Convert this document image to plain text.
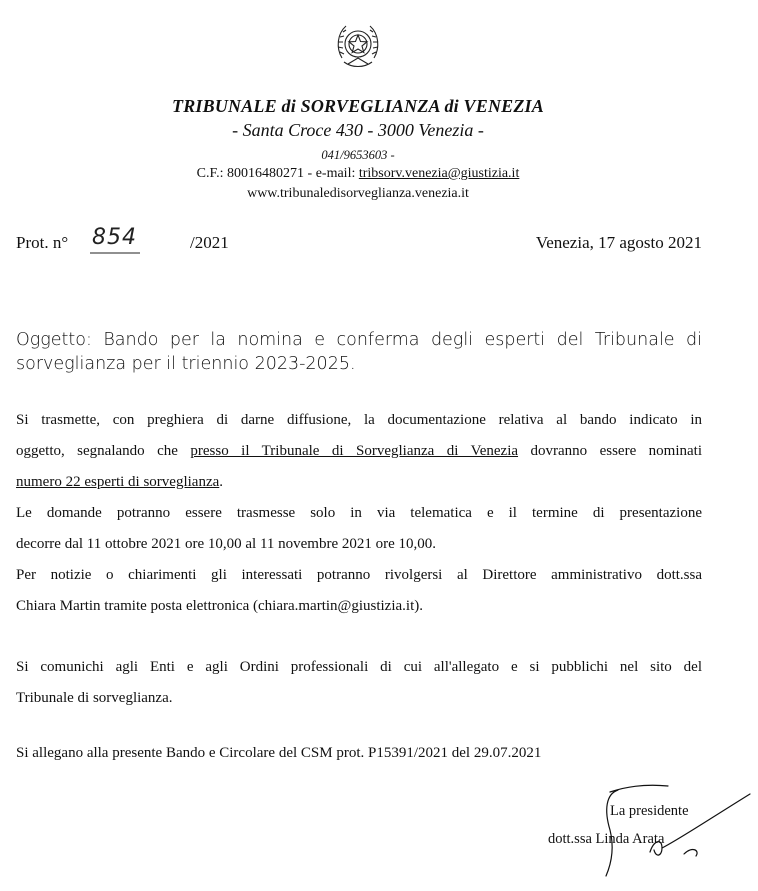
TRIBUNALE di SORVEGLIANZA di VENEZIA
- Santa Croce 430 - 3000 Venezia -
041/9653603 -
C.F.: 80016480271 - e-mail: tribsorv.venezia@giustizia.it
www.tribunaledisorveglianza.venezia.it
Prot. n° 854	/2021	Venezia, 17 agosto 2021
Oggetto: Bando per la nomina e conferma degli esperti del Tribunale di
sorveglianza per il triennio 2023-2025.
Si trasmette, con preghiera di darne diffusione, la documentazione relativa al bando indicato in
oggetto, segnalando che presso il Tribunale di Sorveglianza di Venezia dovranno essere nominati
numero 22 esperti di sorveglianza.
Le domande potranno essere trasmesse solo in via telematica e il termine di presentazione
decorre dal 11 ottobre 2021 ore 10,00 al 11 novembre 2021 ore 10,00.
Per notizie o chiarimenti gli interessati potranno rivolgersi al Direttore amministrativo dott.ssa
Chiara Martin tramite posta elettronica (chiara.martin@giustizia.it).
Si comunichi agli Enti e agli Ordini professionali di cui all'allegato e si pubblichi nel sito del
Tribunale di sorveglianza.
Si allegano alla presente Bando e Circolare del CSM prot. P15391/2021 del 29.07.2021
La presidente
dott.ssa Linda Arata
